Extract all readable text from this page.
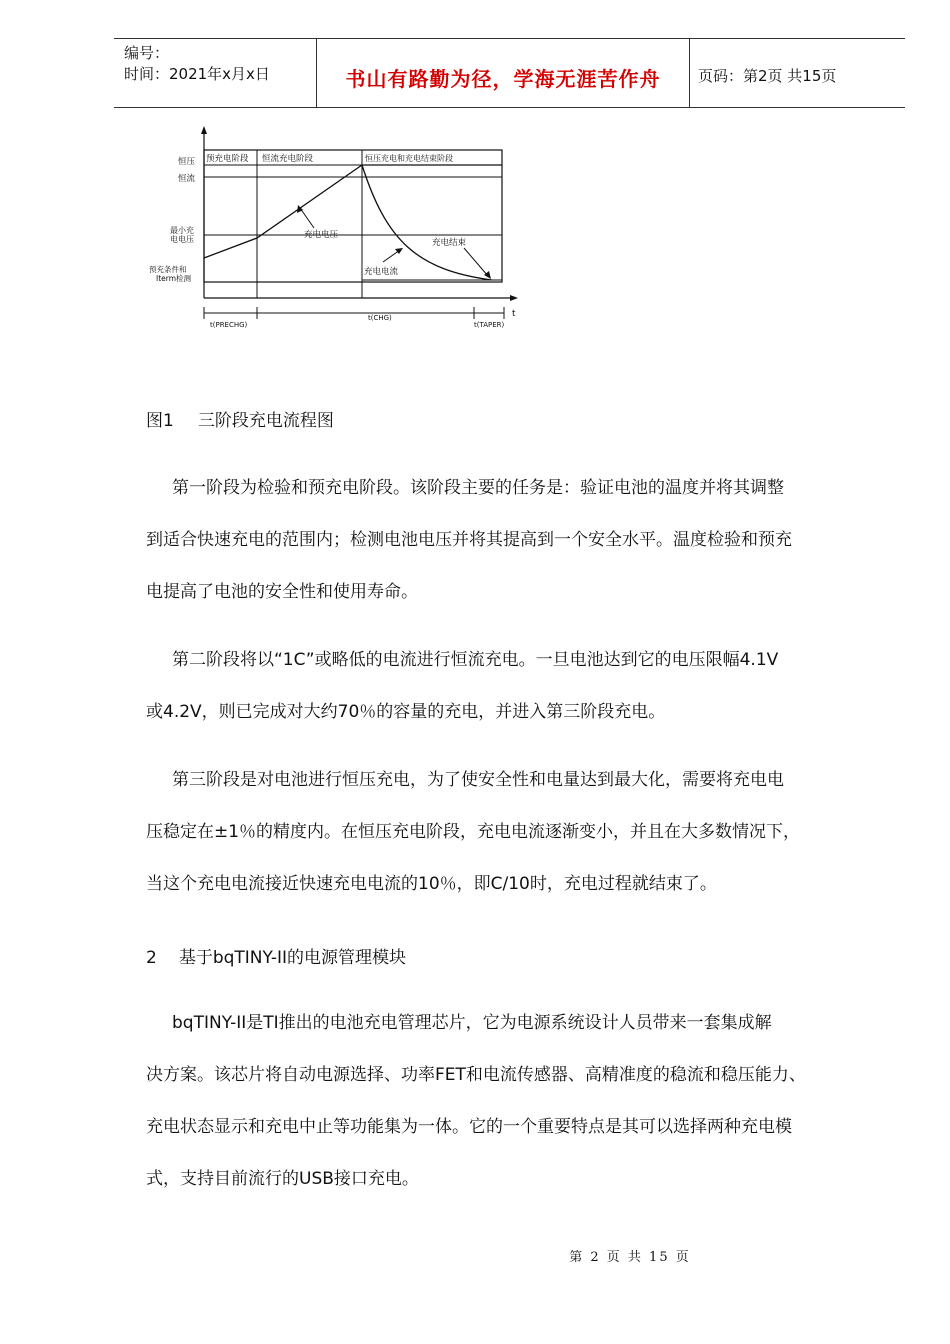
编号：
时间：2021年x月x日	书山有路勤为径，学海无涯苦作舟	页码：第2页 共15页
预充电阶段 恒流充电阶段	恒压充电和充电结束阶段
恒压
恒流
最小充电电压
预充条件和 Iterm检测
充电电压
充电电流
充电结束
t(PRECHG)
t(CHG)
t(TAPER)
t
图1 三阶段充电流程图
第一阶段为检验和预充电阶段。该阶段主要的任务是：验证电池的温度并将其调整
到适合快速充电的范围内；检测电池电压并将其提高到一个安全水平。温度检验和预充
电提高了电池的安全性和使用寿命。
第二阶段将以“1C”或略低的电流进行恒流充电。一旦电池达到它的电压限幅4.1V
或4.2V，则已完成对大约70％的容量的充电，并进入第三阶段充电。
第三阶段是对电池进行恒压充电，为了使安全性和电量达到最大化，需要将充电电
压稳定在±1％的精度内。在恒压充电阶段，充电电流逐渐变小，并且在大多数情况下，
当这个充电电流接近快速充电电流的10％，即C/10时，充电过程就结束了。
2 基于bqTINY-II的电源管理模块
bqTINY-II是TI推出的电池充电管理芯片，它为电源系统设计人员带来一套集成解
决方案。该芯片将自动电源选择、功率FET和电流传感器、高精准度的稳流和稳压能力、
充电状态显示和充电中止等功能集为一体。它的一个重要特点是其可以选择两种充电模
式，支持目前流行的USB接口充电。
第 2 页 共 15 页
